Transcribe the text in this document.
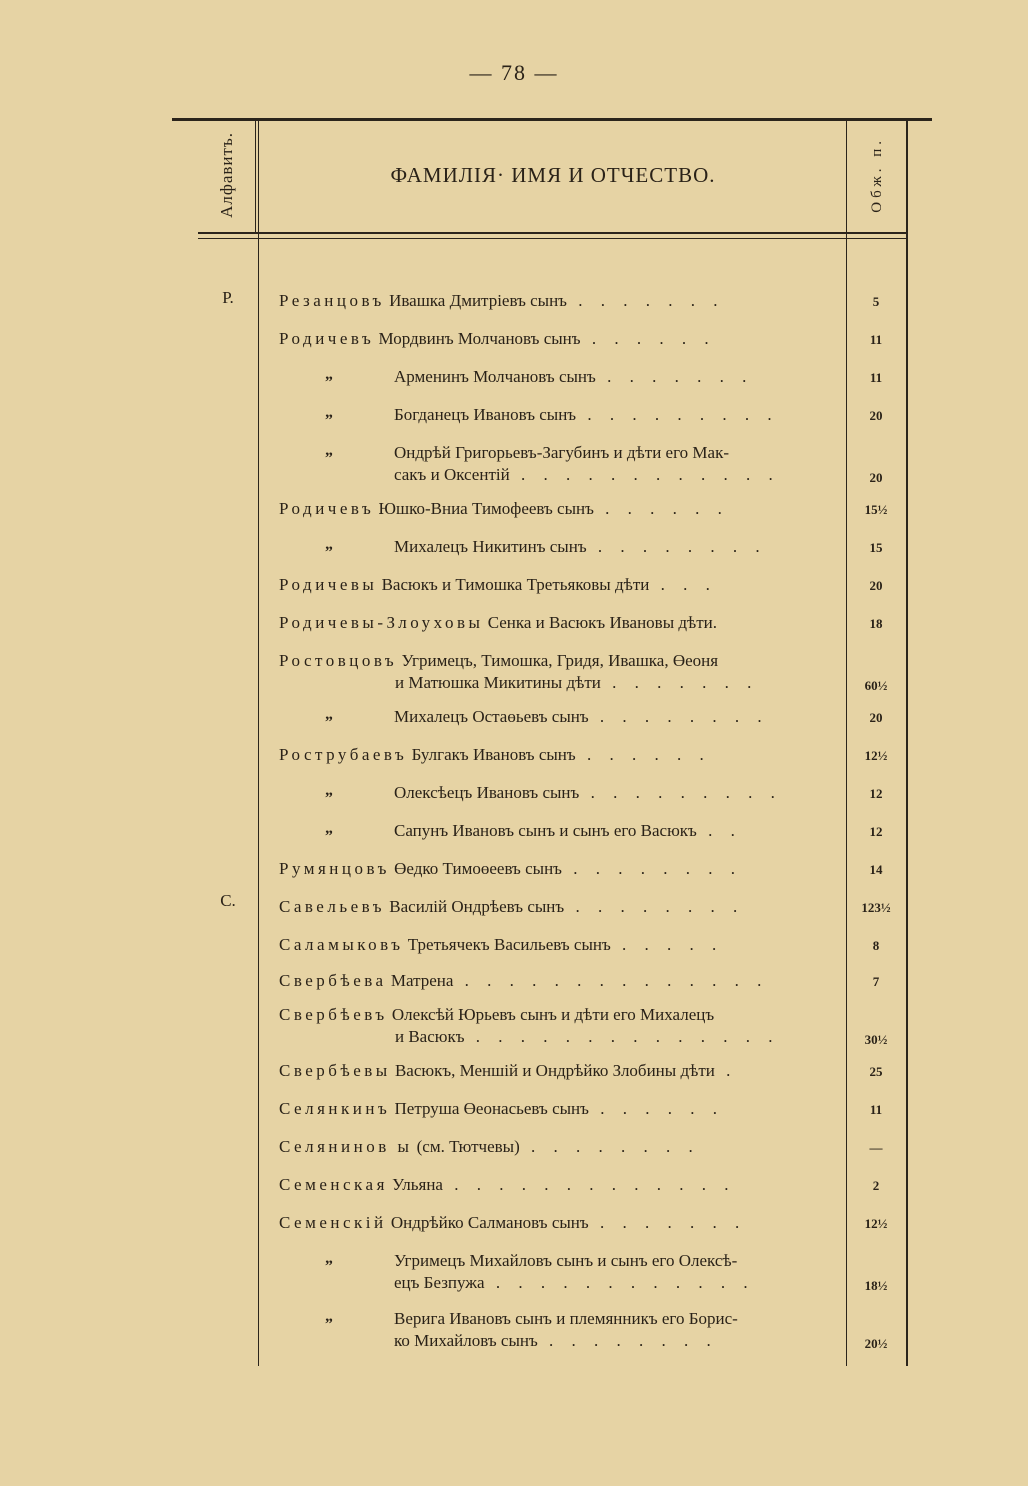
— 78 —
Алфавитъ.	ФАМИЛІЯ· ИМЯ И ОТЧЕСТВО.	Обж. п.
Р.
С.
Резанцовъ Ивашка Дмитріевъ сынъ . . . . . . .	5
Родичевъ Мордвинъ Молчановъ сынъ . . . . . .	11
„	Арменинъ Молчановъ сынъ . . . . . . .	11
„	Богданецъ Ивановъ сынъ . . . . . . . . .	20
„	Ондрѣй Григорьевъ-Загубинъ и дѣти его Мак-
сакъ и Оксентій . . . . . . . . . . . .	20
Родичевъ Юшко-Вниа Тимофеевъ сынъ . . . . . .	15½
„	Михалецъ Никитинъ сынъ . . . . . . . .	15
Родичевы Васюкъ и Тимошка Третьяковы дѣти . . .	20
Родичевы-Злоуховы Сенка и Васюкъ Ивановы дѣти.	18
Ростовцовъ Угримецъ, Тимошка, Гридя, Ивашка, Өеоня
и Матюшка Микитины дѣти . . . . . . .	60½
„	Михалецъ Остаөьевъ сынъ . . . . . . . .	20
Рострубаевъ Булгакъ Ивановъ сынъ . . . . . .	12½
„	Олексѣецъ Ивановъ сынъ . . . . . . . . .	12
„	Сапунъ Ивановъ сынъ и сынъ его Васюкъ . .	12
Румянцовъ Өедко Тимоөеевъ сынъ . . . . . . . .	14
Савельевъ Василій Ондрѣевъ сынъ . . . . . . . .	123½
Саламыковъ Третьячекъ Васильевъ сынъ . . . . .	8
Свербѣева Матрена . . . . . . . . . . . . . .	7
Свербѣевъ Олексѣй Юрьевъ сынъ и дѣти его Михалецъ
и Васюкъ . . . . . . . . . . . . . .	30½
Свербѣевы Васюкъ, Меншій и Ондрѣйко Злобины дѣти .	25
Селянкинъ Петруша Өеонасьевъ сынъ . . . . . .	11
Селянинов ы (см. Тютчевы) . . . . . . . .	—
Семенская Ульяна . . . . . . . . . . . . .	2
Семенскій Ондрѣйко Салмановъ сынъ . . . . . . .	12½
„	Угримецъ Михайловъ сынъ и сынъ его Олексѣ-
ецъ Безпужа . . . . . . . . . . . .	18½
„	Верига Ивановъ сынъ и племянникъ его Борис-
ко Михайловъ сынъ . . . . . . . .	20½
